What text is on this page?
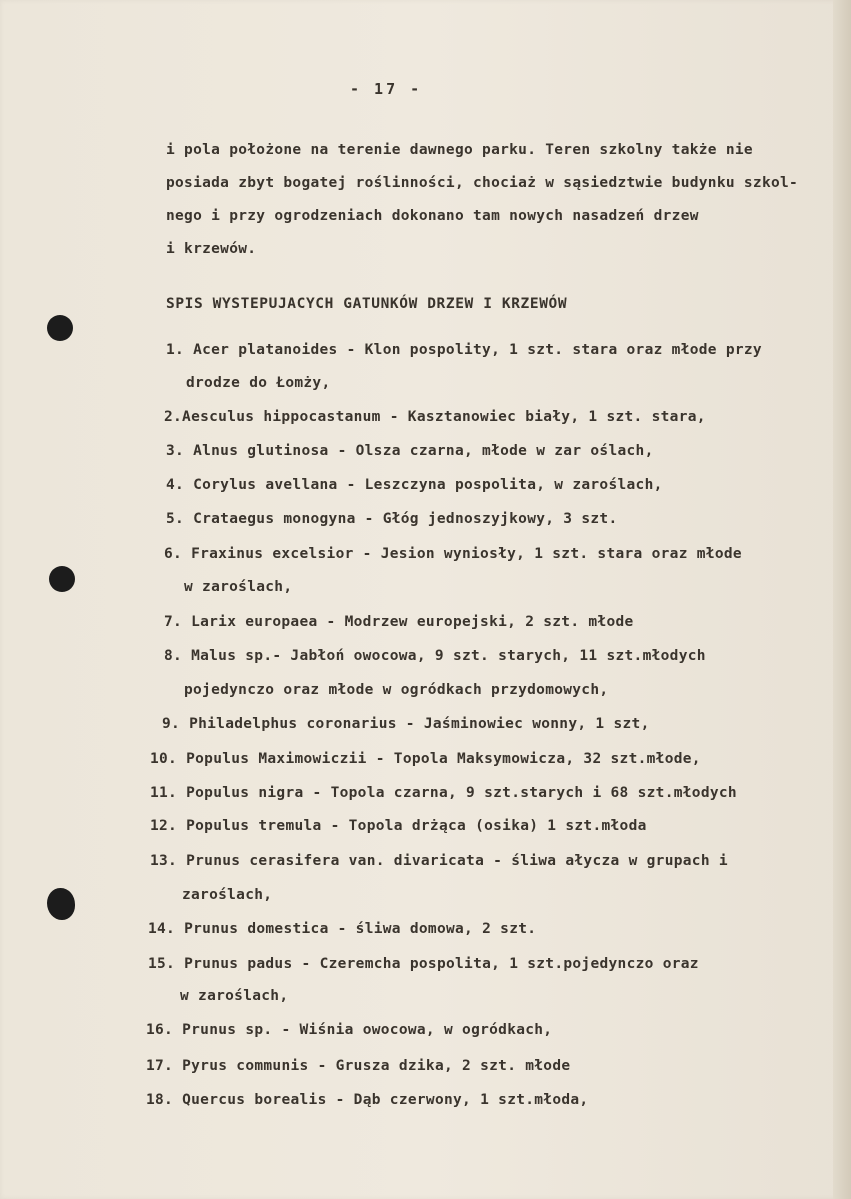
- 17 -

i pola położone na terenie dawnego parku. Teren szkolny także nie
posiada zbyt bogatej roślinności, chociaż w sąsiedztwie budynku szkol-
nego i przy ogrodzeniach dokonano tam nowych nasadzeń drzew
i krzewów.

SPIS WYSTEPUJACYCH GATUNKÓW DRZEW I KRZEWÓW
1. Acer platanoides - Klon pospolity, 1 szt. stara oraz młode przy
drodze do Łomży,
2.Aesculus hippocastanum - Kasztanowiec biały, 1 szt. stara,
3. Alnus glutinosa - Olsza czarna, młode w zar oślach,
4. Corylus avellana - Leszczyna pospolita, w zaroślach,
5. Crataegus monogyna - Głóg jednoszyjkowy, 3 szt.
6. Fraxinus excelsior - Jesion wyniosły, 1 szt. stara oraz młode
w zaroślach,
7. Larix europaea - Modrzew europejski, 2 szt. młode
8. Malus sp.- Jabłoń owocowa, 9 szt. starych, 11 szt.młodych
pojedynczo oraz młode w ogródkach przydomowych,
9. Philadelphus coronarius - Jaśminowiec wonny, 1 szt,
10. Populus Maximowiczii - Topola Maksymowicza, 32 szt.młode,
11. Populus nigra - Topola czarna, 9 szt.starych i 68 szt.młodych
12. Populus tremula - Topola drżąca (osika) 1 szt.młoda
13. Prunus cerasifera van. divaricata - śliwa ałycza w grupach i
zaroślach,
14. Prunus domestica - śliwa domowa, 2 szt.
15. Prunus padus - Czeremcha pospolita, 1 szt.pojedynczo oraz
w zaroślach,
16. Prunus sp. - Wiśnia owocowa, w ogródkach,
17. Pyrus communis - Grusza dzika, 2 szt. młode
18. Quercus borealis - Dąb czerwony, 1 szt.młoda,
